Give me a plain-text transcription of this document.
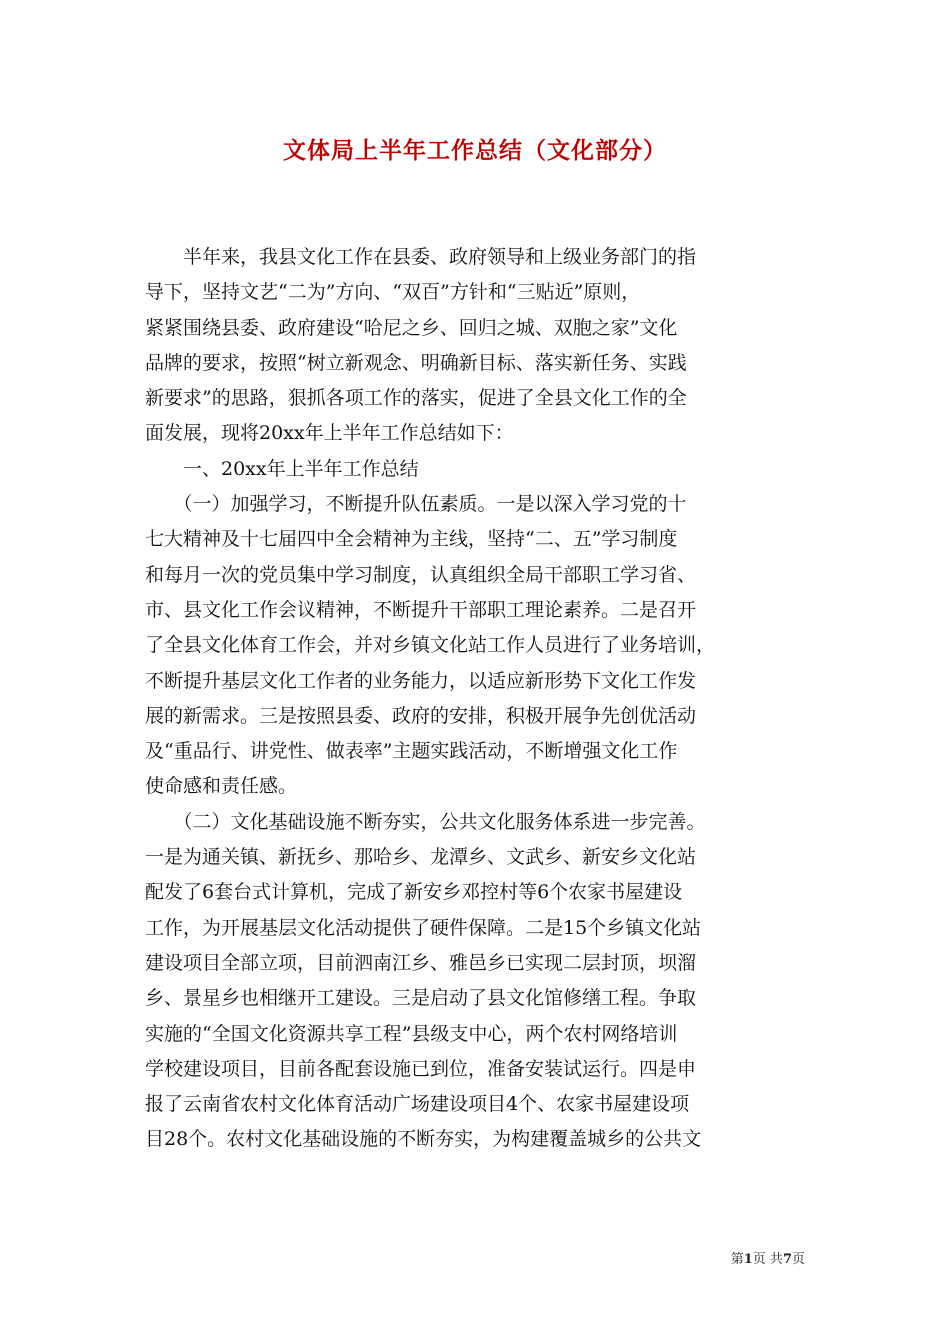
文体局上半年工作总结（文化部分）
　　半年来，我县文化工作在县委、政府领导和上级业务部门的指
导下，坚持文艺“二为”方向、“双百”方针和“三贴近”原则，
紧紧围绕县委、政府建设“哈尼之乡、回归之城、双胞之家”文化
品牌的要求，按照“树立新观念、明确新目标、落实新任务、实践
新要求”的思路，狠抓各项工作的落实，促进了全县文化工作的全
面发展，现将20xx年上半年工作总结如下：
　　一、20xx年上半年工作总结
　　（一）加强学习，不断提升队伍素质。一是以深入学习党的十
七大精神及十七届四中全会精神为主线，坚持“二、五”学习制度
和每月一次的党员集中学习制度，认真组织全局干部职工学习省、
市、县文化工作会议精神，不断提升干部职工理论素养。二是召开
了全县文化体育工作会，并对乡镇文化站工作人员进行了业务培训，
不断提升基层文化工作者的业务能力，以适应新形势下文化工作发
展的新需求。三是按照县委、政府的安排，积极开展争先创优活动
及“重品行、讲党性、做表率”主题实践活动，不断增强文化工作
使命感和责任感。
　　（二）文化基础设施不断夯实，公共文化服务体系进一步完善。
一是为通关镇、新抚乡、那哈乡、龙潭乡、文武乡、新安乡文化站
配发了6套台式计算机，完成了新安乡邓控村等6个农家书屋建设
工作，为开展基层文化活动提供了硬件保障。二是15个乡镇文化站
建设项目全部立项，目前泗南江乡、雅邑乡已实现二层封顶，坝溜
乡、景星乡也相继开工建设。三是启动了县文化馆修缮工程。争取
实施的“全国文化资源共享工程”县级支中心，两个农村网络培训
学校建设项目，目前各配套设施已到位，准备安装试运行。四是申
报了云南省农村文化体育活动广场建设项目4个、农家书屋建设项
目28个。农村文化基础设施的不断夯实，为构建覆盖城乡的公共文
第1页 共7页
